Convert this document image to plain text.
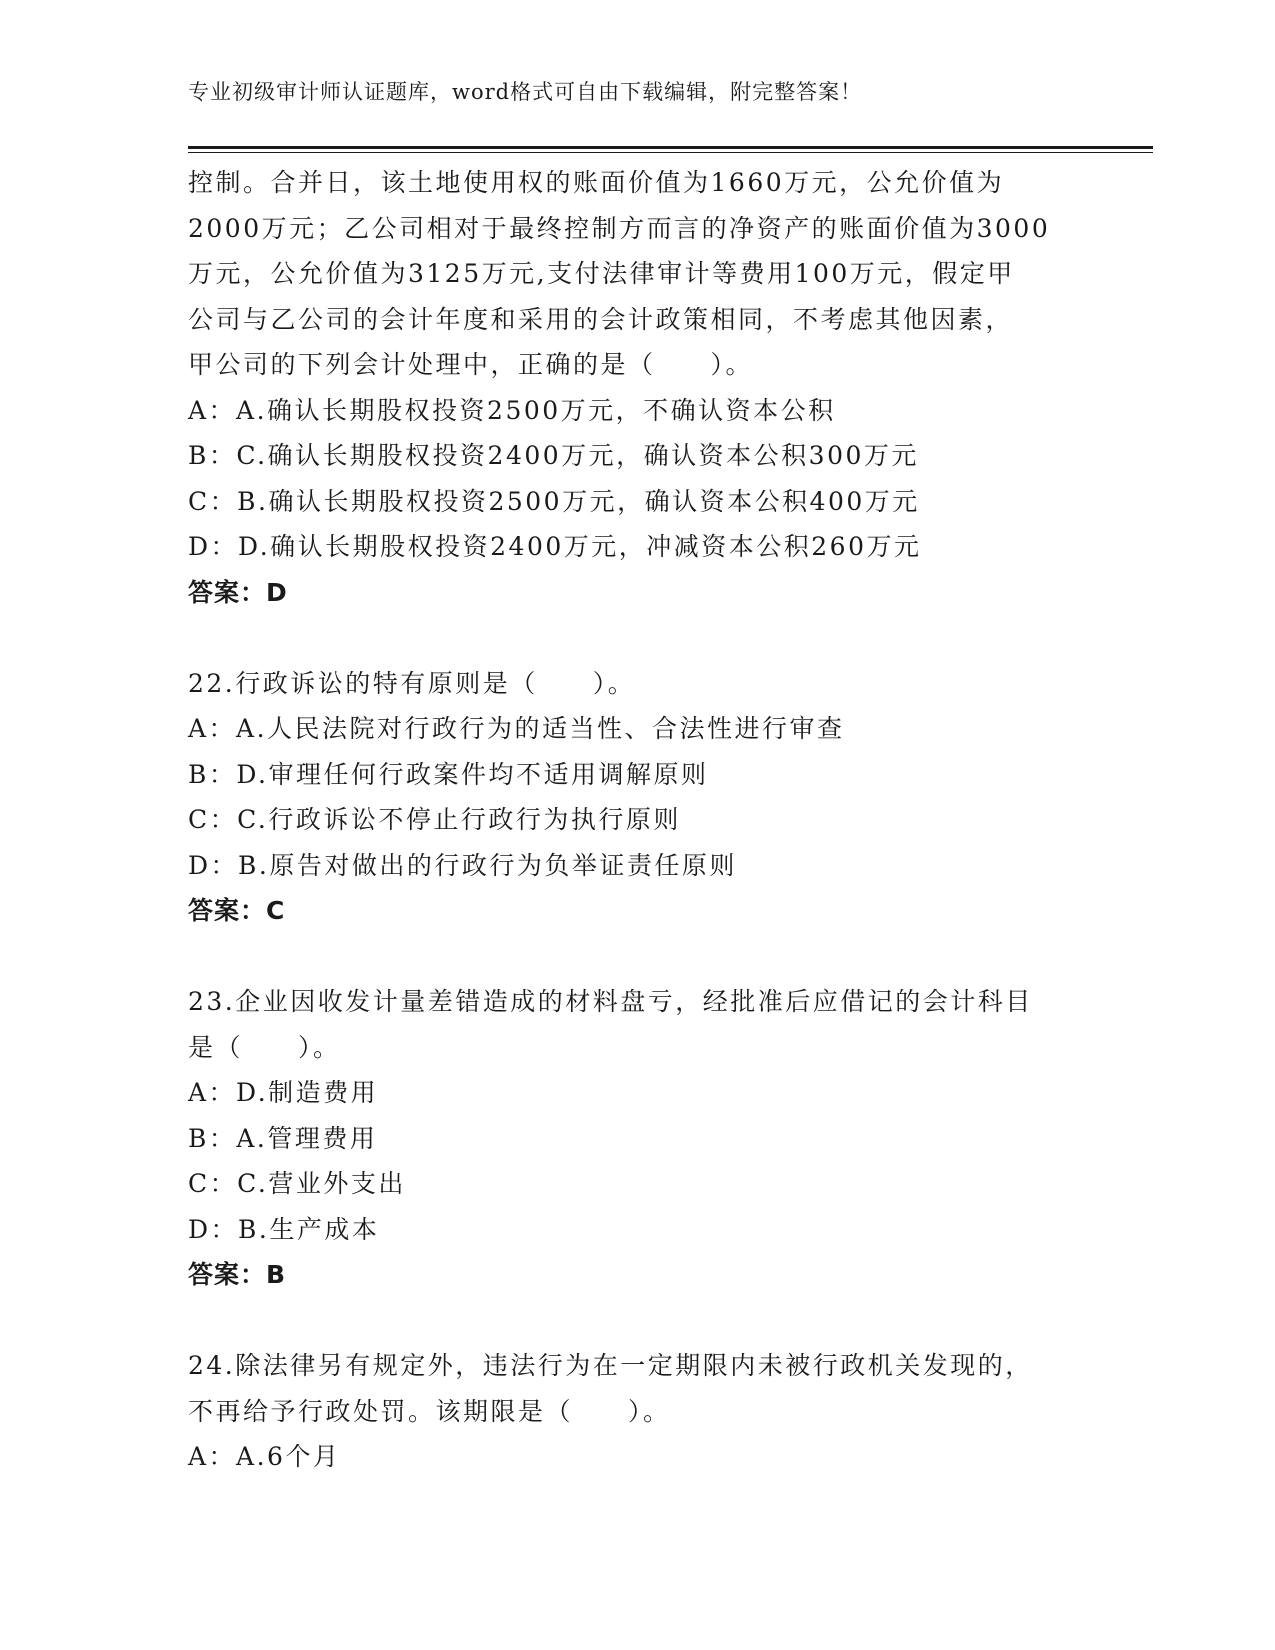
专业初级审计师认证题库，word格式可自由下载编辑，附完整答案！
控制。合并日，该土地使用权的账面价值为1660万元，公允价值为
2000万元；乙公司相对于最终控制方而言的净资产的账面价值为3000
万元，公允价值为3125万元,支付法律审计等费用100万元，假定甲
公司与乙公司的会计年度和采用的会计政策相同，不考虑其他因素，
甲公司的下列会计处理中，正确的是（　　）。
A：A.确认长期股权投资2500万元，不确认资本公积
B：C.确认长期股权投资2400万元，确认资本公积300万元
C：B.确认长期股权投资2500万元，确认资本公积400万元
D：D.确认长期股权投资2400万元，冲减资本公积260万元
答案：D
22.行政诉讼的特有原则是（　　）。
A：A.人民法院对行政行为的适当性、合法性进行审查
B：D.审理任何行政案件均不适用调解原则
C：C.行政诉讼不停止行政行为执行原则
D：B.原告对做出的行政行为负举证责任原则
答案：C
23.企业因收发计量差错造成的材料盘亏，经批准后应借记的会计科目
是（　　）。
A：D.制造费用
B：A.管理费用
C：C.营业外支出
D：B.生产成本
答案：B
24.除法律另有规定外，违法行为在一定期限内未被行政机关发现的，
不再给予行政处罚。该期限是（　　）。
A：A.6个月
